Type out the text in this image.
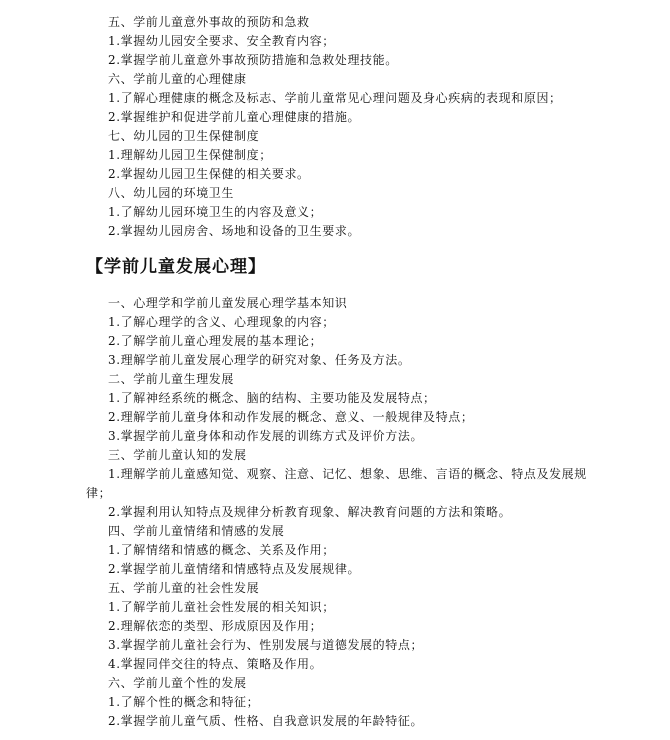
五、学前儿童意外事故的预防和急救
1.掌握幼儿园安全要求、安全教育内容；
2.掌握学前儿童意外事故预防措施和急救处理技能。
六、学前儿童的心理健康
1.了解心理健康的概念及标志、学前儿童常见心理问题及身心疾病的表现和原因；
2.掌握维护和促进学前儿童心理健康的措施。
七、幼儿园的卫生保健制度
1.理解幼儿园卫生保健制度；
2.掌握幼儿园卫生保健的相关要求。
八、幼儿园的环境卫生
1.了解幼儿园环境卫生的内容及意义；
2.掌握幼儿园房舍、场地和设备的卫生要求。
【学前儿童发展心理】
一、心理学和学前儿童发展心理学基本知识
1.了解心理学的含义、心理现象的内容；
2.了解学前儿童心理发展的基本理论；
3.理解学前儿童发展心理学的研究对象、任务及方法。
二、学前儿童生理发展
1.了解神经系统的概念、脑的结构、主要功能及发展特点；
2.理解学前儿童身体和动作发展的概念、意义、一般规律及特点；
3.掌握学前儿童身体和动作发展的训练方式及评价方法。
三、学前儿童认知的发展
1.理解学前儿童感知觉、观察、注意、记忆、想象、思维、言语的概念、特点及发展规
律；
2.掌握利用认知特点及规律分析教育现象、解决教育问题的方法和策略。
四、学前儿童情绪和情感的发展
1.了解情绪和情感的概念、关系及作用；
2.掌握学前儿童情绪和情感特点及发展规律。
五、学前儿童的社会性发展
1.了解学前儿童社会性发展的相关知识；
2.理解依恋的类型、形成原因及作用；
3.掌握学前儿童社会行为、性别发展与道德发展的特点；
4.掌握同伴交往的特点、策略及作用。
六、学前儿童个性的发展
1.了解个性的概念和特征；
2.掌握学前儿童气质、性格、自我意识发展的年龄特征。
